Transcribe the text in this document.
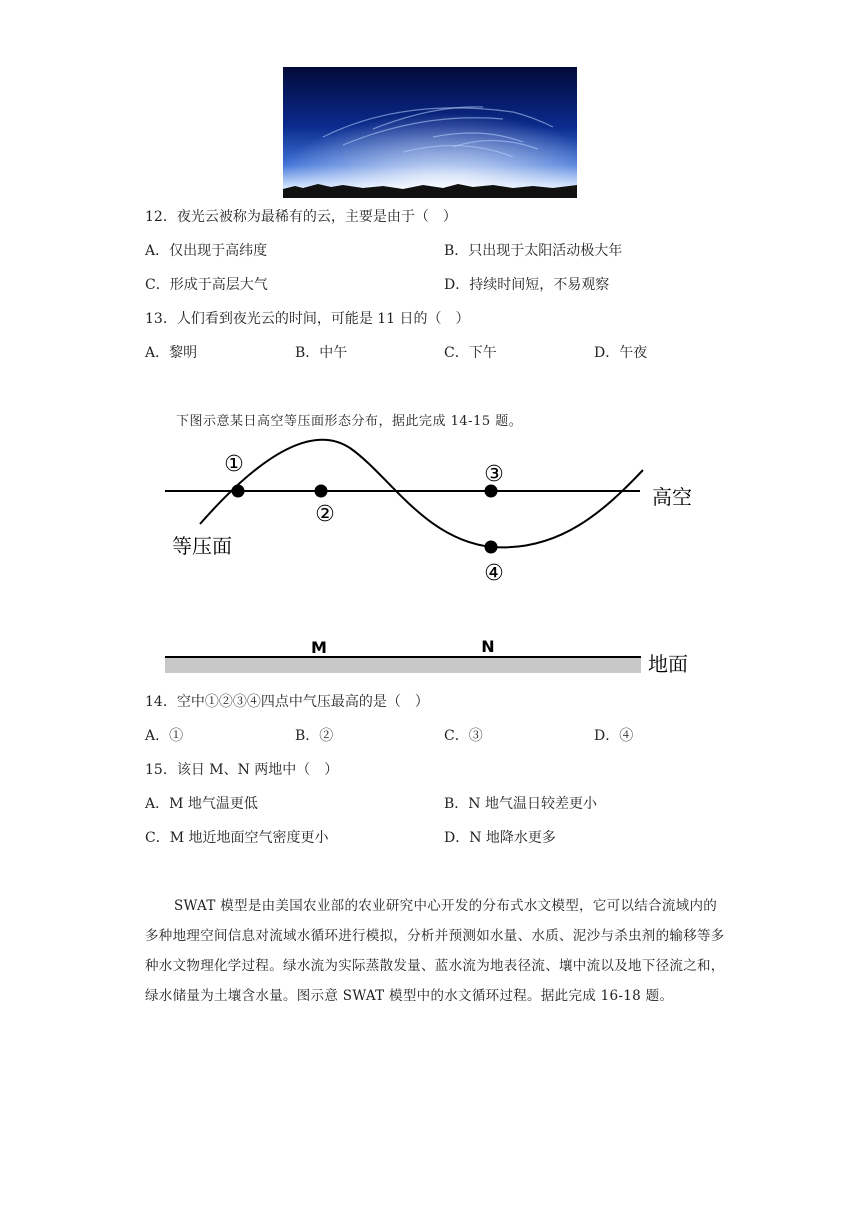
12．夜光云被称为最稀有的云，主要是由于（　）
A．仅出现于高纬度	B．只出现于太阳活动极大年
C．形成于高层大气	D．持续时间短，不易观察
13．人们看到夜光云的时间，可能是 11 日的（　）
A．黎明	B．中午	C．下午	D．午夜
下图示意某日高空等压面形态分布，据此完成 14-15 题。
①
②
③
④
高空
等压面
M	N
地面
14．空中①②③④四点中气压最高的是（　）
A．①	B．②	C．③	D．④
15．该日 M、N 两地中（　）
A．M 地气温更低	B．N 地气温日较差更小
C．M 地近地面空气密度更小	D．N 地降水更多
SWAT 模型是由美国农业部的农业研究中心开发的分布式水文模型，它可以结合流域内的多种地理空间信息对流域水循环进行模拟，分析并预测如水量、水质、泥沙与杀虫剂的输移等多种水文物理化学过程。绿水流为实际蒸散发量、蓝水流为地表径流、壤中流以及地下径流之和，绿水储量为土壤含水量。图示意 SWAT 模型中的水文循环过程。据此完成 16-18 题。
